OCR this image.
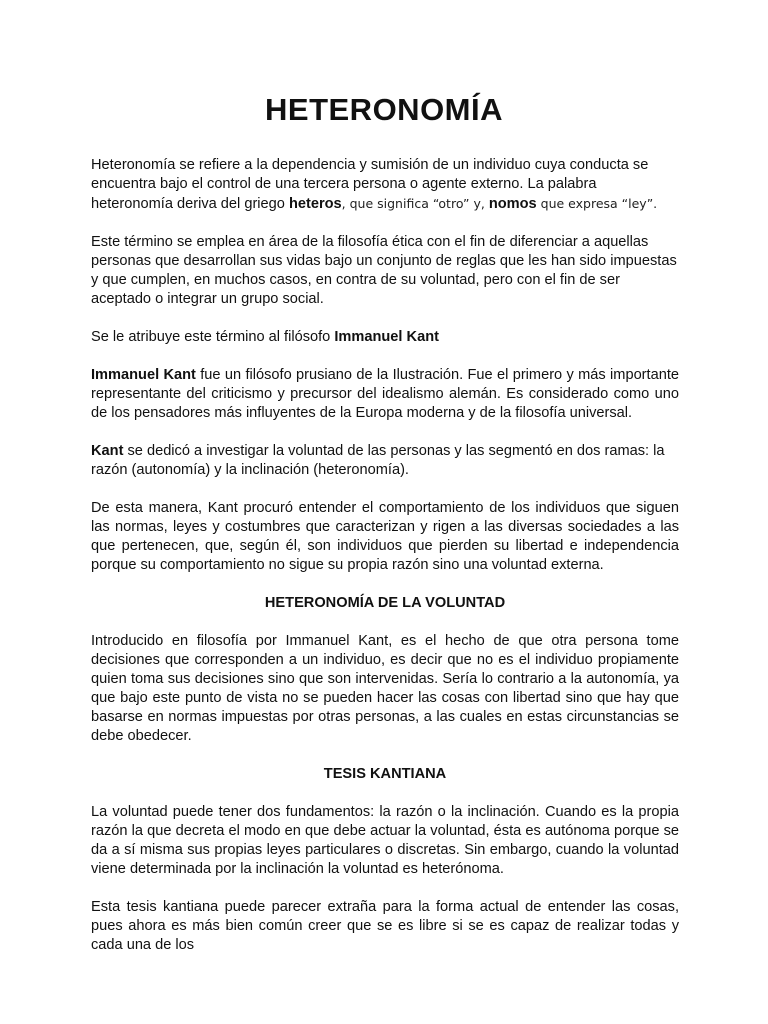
HETERONOMÍA

Heteronomía se refiere a la dependencia y sumisión de un individuo cuya conducta se encuentra bajo el control de una tercera persona o agente externo. La palabra heteronomía deriva del griego heteros, que significa “otro” y, nomos que expresa “ley”.

Este término se emplea en área de la filosofía ética con el fin de diferenciar a aquellas personas que desarrollan sus vidas bajo un conjunto de reglas que les han sido impuestas y que cumplen, en muchos casos, en contra de su voluntad, pero con el fin de ser aceptado o integrar un grupo social.

Se le atribuye este término al filósofo Immanuel Kant

Immanuel Kant fue un filósofo prusiano de la Ilustración. Fue el primero y más importante representante del criticismo y precursor del idealismo alemán. Es considerado como uno de los pensadores más influyentes de la Europa moderna y de la filosofía universal.

Kant se dedicó a investigar la voluntad de las personas y las segmentó en dos ramas: la razón (autonomía) y la inclinación (heteronomía).

De esta manera, Kant procuró entender el comportamiento de los individuos que siguen las normas, leyes y costumbres que caracterizan y rigen a las diversas sociedades a las que pertenecen, que, según él, son individuos que pierden su libertad e independencia porque su comportamiento no sigue su propia razón sino una voluntad externa.

HETERONOMÍA DE LA VOLUNTAD

Introducido en filosofía por Immanuel Kant, es el hecho de que otra persona tome decisiones que corresponden a un individuo, es decir que no es el individuo propiamente quien toma sus decisiones sino que son intervenidas. Sería lo contrario a la autonomía, ya que bajo este punto de vista no se pueden hacer las cosas con libertad sino que hay que basarse en normas impuestas por otras personas, a las cuales en estas circunstancias se debe obedecer.

TESIS KANTIANA

La voluntad puede tener dos fundamentos: la razón o la inclinación. Cuando es la propia razón la que decreta el modo en que debe actuar la voluntad, ésta es autónoma porque se da a sí misma sus propias leyes particulares o discretas. Sin embargo, cuando la voluntad viene determinada por la inclinación la voluntad es heterónoma.

Esta tesis kantiana puede parecer extraña para la forma actual de entender las cosas, pues ahora es más bien común creer que se es libre si se es capaz de realizar todas y cada una de los
